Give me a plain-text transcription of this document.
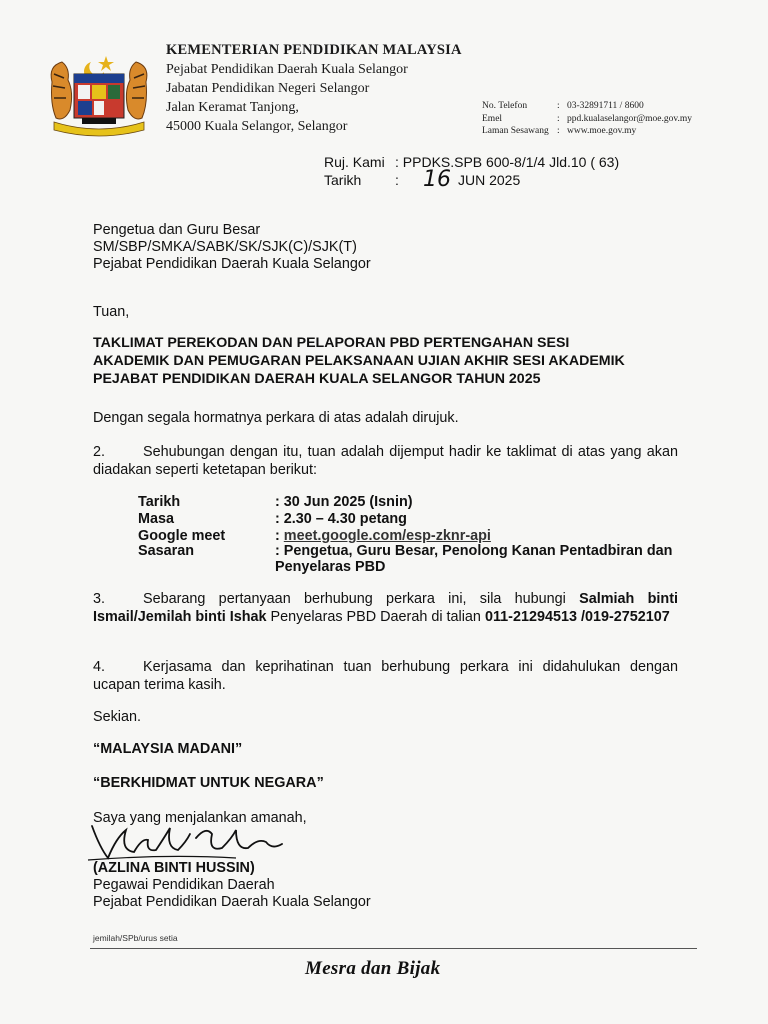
KEMENTERIAN PENDIDIKAN MALAYSIA
Pejabat Pendidikan Daerah Kuala Selangor
Jabatan Pendidikan Negeri Selangor
Jalan Keramat Tanjong,
45000 Kuala Selangor, Selangor
No. Telefon	: 03-32891711 / 8600
Emel	: ppd.kualaselangor@moe.gov.my
Laman Sesawang : www.moe.gov.my
Ruj. Kami : PPDKS.SPB 600-8/1/4 Jld.10 ( 63)
Tarikh : 16 JUN 2025
Pengetua dan Guru Besar
SM/SBP/SMKA/SABK/SK/SJK(C)/SJK(T)
Pejabat Pendidikan Daerah Kuala Selangor
Tuan,
TAKLIMAT PEREKODAN DAN PELAPORAN PBD PERTENGAHAN SESI
AKADEMIK DAN PEMUGARAN PELAKSANAAN UJIAN AKHIR SESI AKADEMIK
PEJABAT PENDIDIKAN DAERAH KUALA SELANGOR TAHUN 2025
Dengan segala hormatnya perkara di atas adalah dirujuk.
2.	Sehubungan dengan itu, tuan adalah dijemput hadir ke taklimat di atas yang akan diadakan seperti ketetapan berikut:
Tarikh	: 30 Jun 2025 (Isnin)
Masa	: 2.30 – 4.30 petang
Google meet	: meet.google.com/esp-zknr-api
Sasaran	: Pengetua, Guru Besar, Penolong Kanan Pentadbiran dan Penyelaras PBD
3.	Sebarang pertanyaan berhubung perkara ini, sila hubungi Salmiah binti Ismail/Jemilah binti Ishak Penyelaras PBD Daerah di talian 011-21294513 /019-2752107
4.	Kerjasama dan keprihatinan tuan berhubung perkara ini didahulukan dengan ucapan terima kasih.
Sekian.
“MALAYSIA MADANI”
“BERKHIDMAT UNTUK NEGARA”
Saya yang menjalankan amanah,
(AZLINA BINTI HUSSIN)
Pegawai Pendidikan Daerah
Pejabat Pendidikan Daerah Kuala Selangor
jemilah/SPb/urus setia
Mesra dan Bijak
